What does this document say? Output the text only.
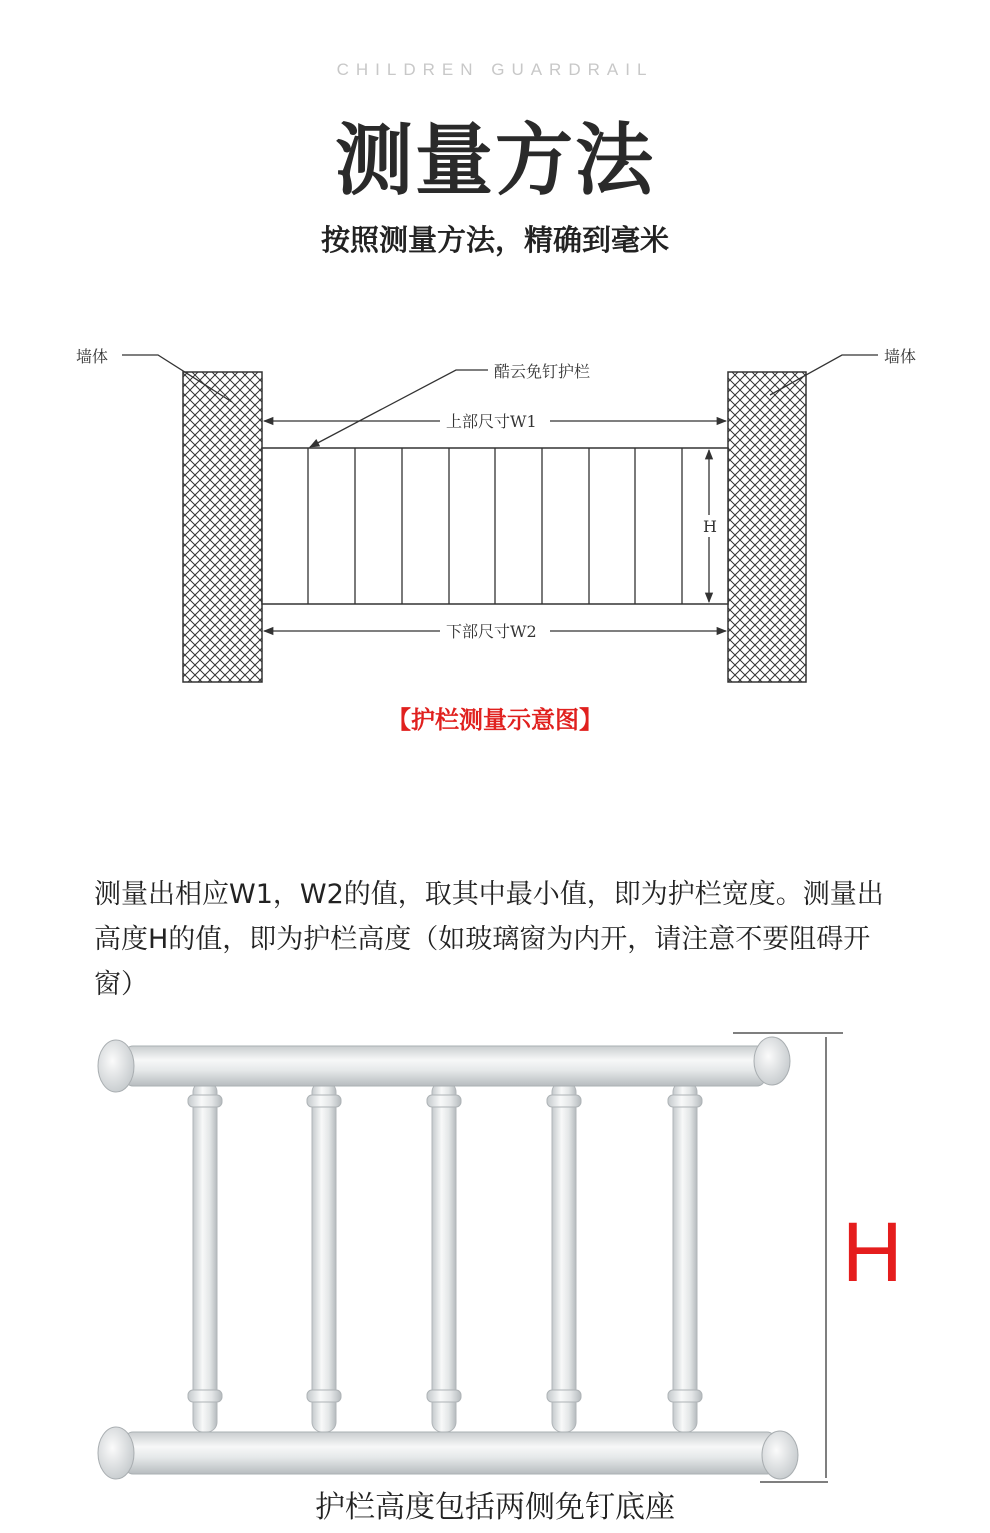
CHILDREN GUARDRAIL
测量方法
按照测量方法，精确到毫米
墙体	墙体
酷云免钉护栏
上部尺寸W1
H
下部尺寸W2
【护栏测量示意图】
测量出相应W1，W2的值，取其中最小值，即为护栏宽度。测量出高度H的值，即为护栏高度（如玻璃窗为内开，请注意不要阻碍开窗）
H
护栏高度包括两侧免钉底座
